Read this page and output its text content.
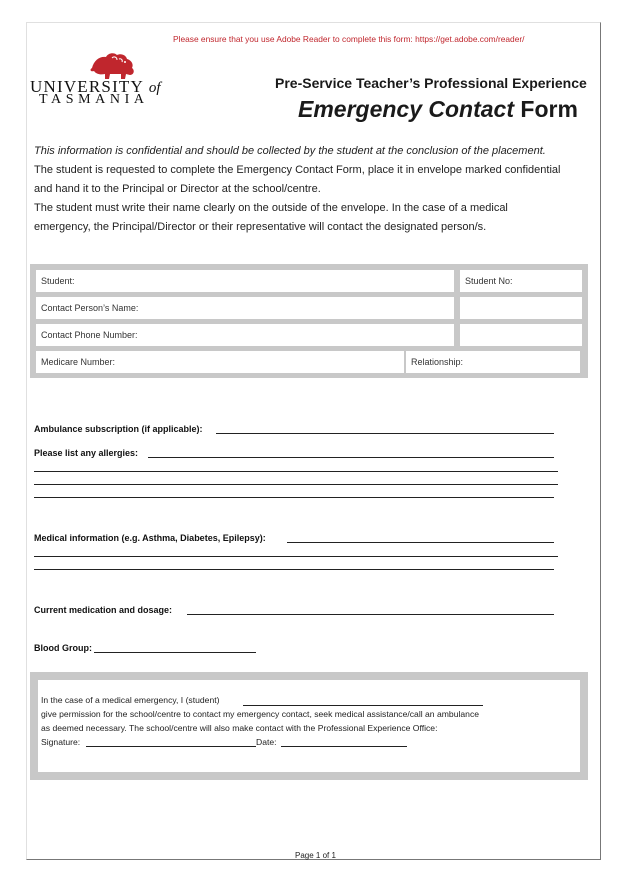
Please ensure that you use Adobe Reader to complete this form: https://get.adobe.com/reader/
UNIVERSITY of
TASMANIA
Pre-Service Teacher’s Professional Experience
Emergency Contact Form

This information is confidential and should be collected by the student at the conclusion of the placement.

The student is requested to complete the Emergency Contact Form, place it in envelope marked confidential and hand it to the Principal or Director at the school/centre.

The student must write their name clearly on the outside of the envelope. In the case of a medical emergency, the Principal/Director or their representative will contact the designated person/s.

Student:	Student No:
Contact Person’s Name:
Contact Phone Number:
Medicare Number:	Relationship:
Ambulance subscription (if applicable):
Please list any allergies:
Medical information (e.g. Asthma, Diabetes, Epilepsy):
Current medication and dosage:
Blood Group:
In the case of a medical emergency, I (student)
give permission for the school/centre to contact my emergency contact, seek medical assistance/call an ambulance
as deemed necessary. The school/centre will also make contact with the Professional Experience Office:
Signature:	Date:
Page 1 of 1
